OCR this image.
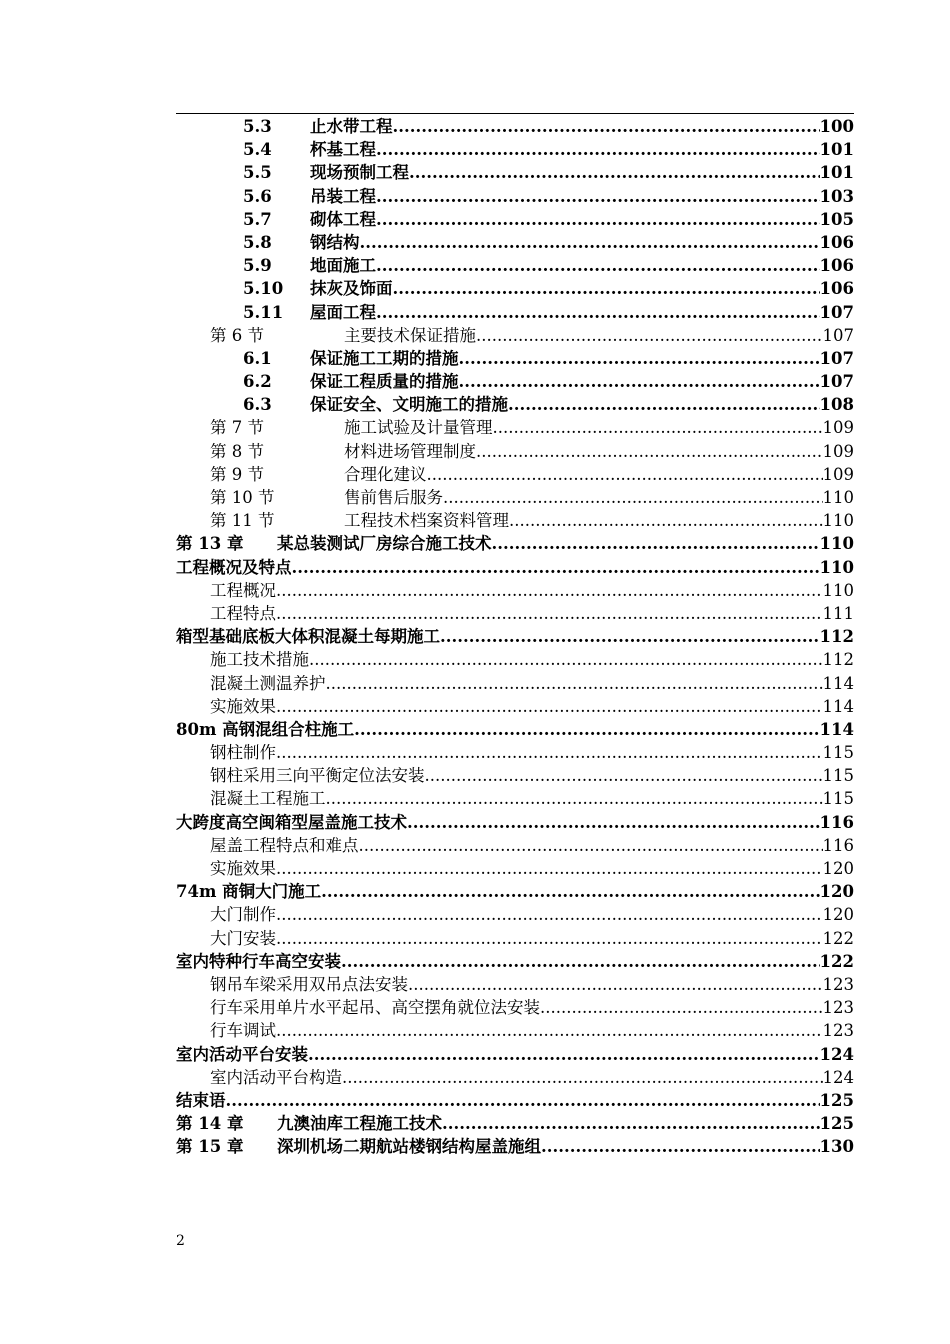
5.3 止水带工程 .....	100
5.4 杯基工程 .....	101
5.5 现场预制工程 .....	101
5.6 吊装工程 .....	103
5.7 砌体工程 .....	105
5.8 钢结构 .....	106
5.9 地面施工 .....	106
5.10 抹灰及饰面 .....	106
5.11 屋面工程 .....	107
第 6 节	主要技术保证措施 .....	107
6.1 保证施工工期的措施 .....	107
6.2 保证工程质量的措施 .....	107
6.3 保证安全、文明施工的措施 .....	108
第 7 节	施工试验及计量管理 .....	109
第 8 节	材料进场管理制度 .....	109
第 9 节	合理化建议 .....	109
第 10 节	售前售后服务 .....	110
第 11 节	工程技术档案资料管理 .....	110
第 13 章 某总装测试厂房综合施工技术 .....	110
工程概况及特点 .....	110
工程概况 .....	110
工程特点 .....	111
箱型基础底板大体积混凝土每期施工 .....	112
施工技术措施 .....	112
混凝土测温养护 .....	114
实施效果 .....	114
80m 高钢混组合柱施工 .....	114
钢柱制作 .....	115
钢柱采用三向平衡定位法安装 .....	115
混凝土工程施工 .....	115
大跨度高空闽箱型屋盖施工技术 .....	116
屋盖工程特点和难点 .....	116
实施效果 .....	120
74m 商铜大门施工 .....	120
大门制作 .....	120
大门安装 .....	122
室内特种行车高空安装 .....	122
钢吊车梁采用双吊点法安装 .....	123
行车采用单片水平起吊、高空摆角就位法安装 .....	123
行车调试 .....	123
室内活动平台安装 .....	124
室内活动平台构造 .....	124
结束语 .....	125
第 14 章 九澳油库工程施工技术 .....	125
第 15 章 深圳机场二期航站楼钢结构屋盖施组 .....	130
2
